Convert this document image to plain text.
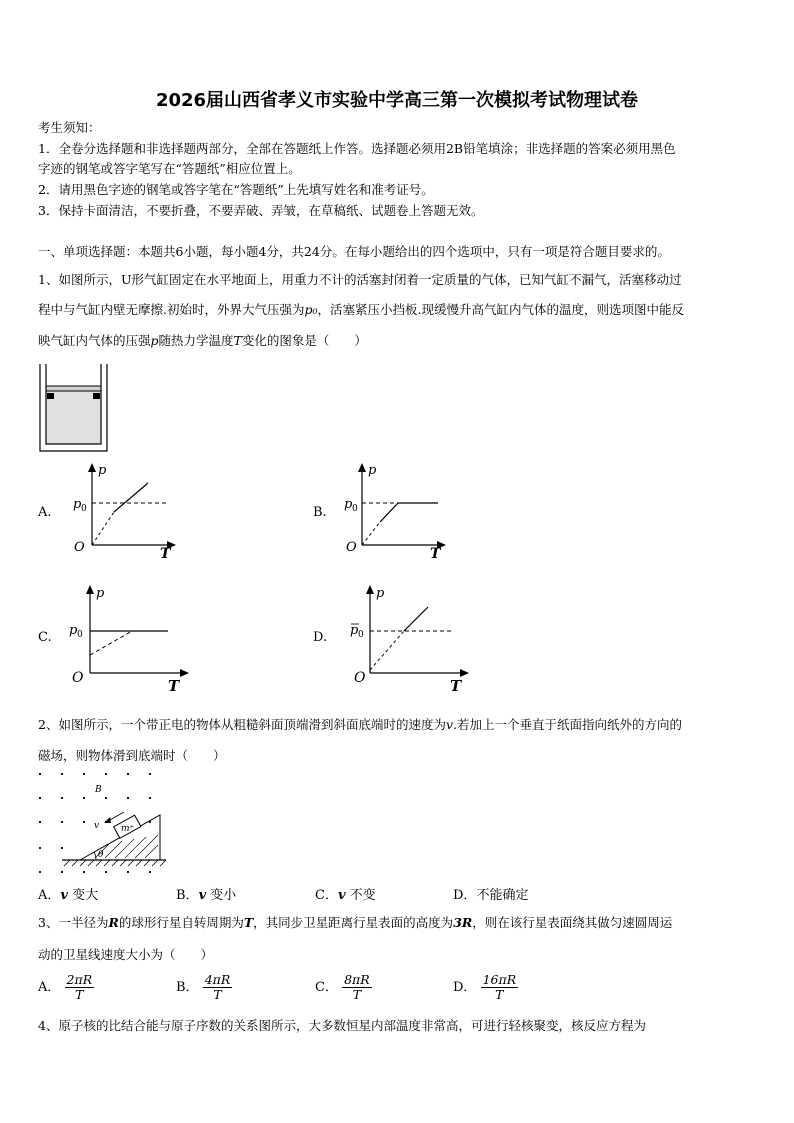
2026届山西省孝义市实验中学高三第一次模拟考试物理试卷
考生须知：
1．全卷分选择题和非选择题两部分，全部在答题纸上作答。选择题必须用2B铅笔填涂；非选择题的答案必须用黑色
字迹的钢笔或答字笔写在“答题纸”相应位置上。
2．请用黑色字迹的钢笔或答字笔在“答题纸”上先填写姓名和准考证号。
3．保持卡面清洁，不要折叠，不要弄破、弄皱，在草稿纸、试题卷上答题无效。
一、单项选择题：本题共6小题，每小题4分，共24分。在每小题给出的四个选项中，只有一项是符合题目要求的。
1、如图所示，U形气缸固定在水平地面上，用重力不计的活塞封闭着一定质量的气体，已知气缸不漏气，活塞移动过
程中与气缸内壁无摩擦.初始时，外界大气压强为p₀，活塞紧压小挡板.现缓慢升高气缸内气体的温度，则选项图中能反
映气缸内气体的压强p随热力学温度T变化的图象是（　　）
A.	B.
C.	D.
p
T
O
p 0
p
T
O
p 0
p
T
O
p 0
p
T
O
p 0
2、如图所示，一个带正电的物体从粗糙斜面顶端滑到斜面底端时的速度为v.若加上一个垂直于纸面指向纸外的方向的
磁场，则物体滑到底端时（　　）
θ
m⁺
v
B
A．v 变大	B．v 变小	C．v 不变	D．不能确定
3、一半径为R的球形行星自转周期为T，其同步卫星距离行星表面的高度为3R，则在该行星表面绕其做匀速圆周运
动的卫星线速度大小为（　　）
A． $\frac{2\pi R}{T}$	B． $\frac{4\pi R}{T}$	C． $\frac{8\pi R}{T}$	D． $\frac{16\pi R}{T}$
4、原子核的比结合能与原子序数的关系图所示，大多数恒星内部温度非常高，可进行轻核聚变，核反应方程为
